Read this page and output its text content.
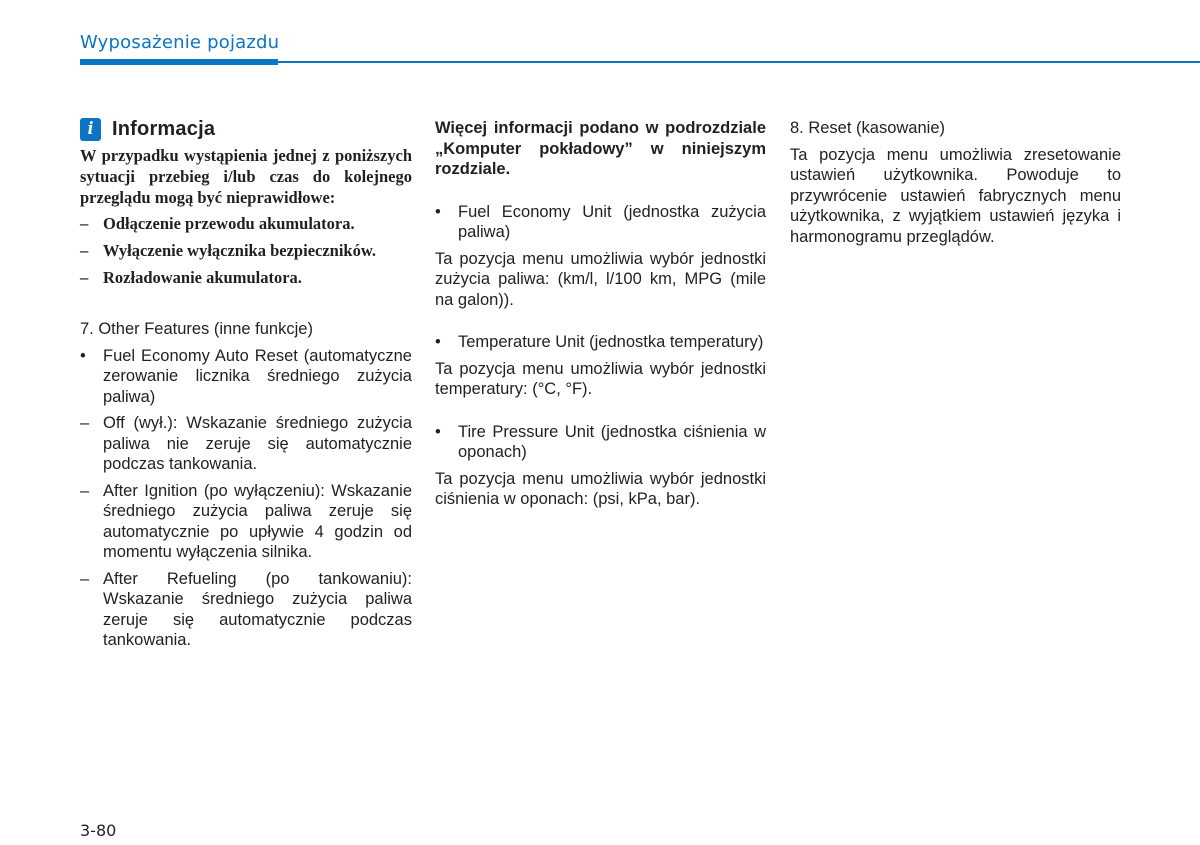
Wyposażenie pojazdu
i Informacja

W przypadku wystąpienia jednej z poniższych sytuacji przebieg i/lub czas do kolejnego przeglądu mogą być nieprawidłowe:

– Odłączenie przewodu akumulatora.
– Wyłączenie wyłącznika bezpieczników.
– Rozładowanie akumulatora.

7. Other Features (inne funkcje)

•	Fuel Economy Auto Reset (automatyczne zerowanie licznika średniego zużycia paliwa)
– Off (wył.): Wskazanie średniego zużycia paliwa nie zeruje się automatycznie podczas tankowania.
– After Ignition (po wyłączeniu): Wskazanie średniego zużycia paliwa zeruje się automatycznie po upływie 4 godzin od momentu wyłączenia silnika.
– After Refueling (po tankowaniu): Wskazanie średniego zużycia paliwa zeruje się automatycznie podczas tankowania.

Więcej informacji podano w podrozdziale „Komputer pokładowy” w niniejszym rozdziale.

•	Fuel Economy Unit (jednostka zużycia paliwa)

Ta pozycja menu umożliwia wybór jednostki zużycia paliwa: (km/l, l/100 km, MPG (mile na galon)).

•	Temperature Unit (jednostka temperatury)

Ta pozycja menu umożliwia wybór jednostki temperatury: (°C, °F).

•	Tire Pressure Unit (jednostka ciśnienia w oponach)

Ta pozycja menu umożliwia wybór jednostki ciśnienia w oponach: (psi, kPa, bar).

8. Reset (kasowanie)

Ta pozycja menu umożliwia zresetowanie ustawień użytkownika. Powoduje to przywrócenie ustawień fabrycznych menu użytkownika, z wyjątkiem ustawień języka i harmonogramu przeglądów.

3-80
